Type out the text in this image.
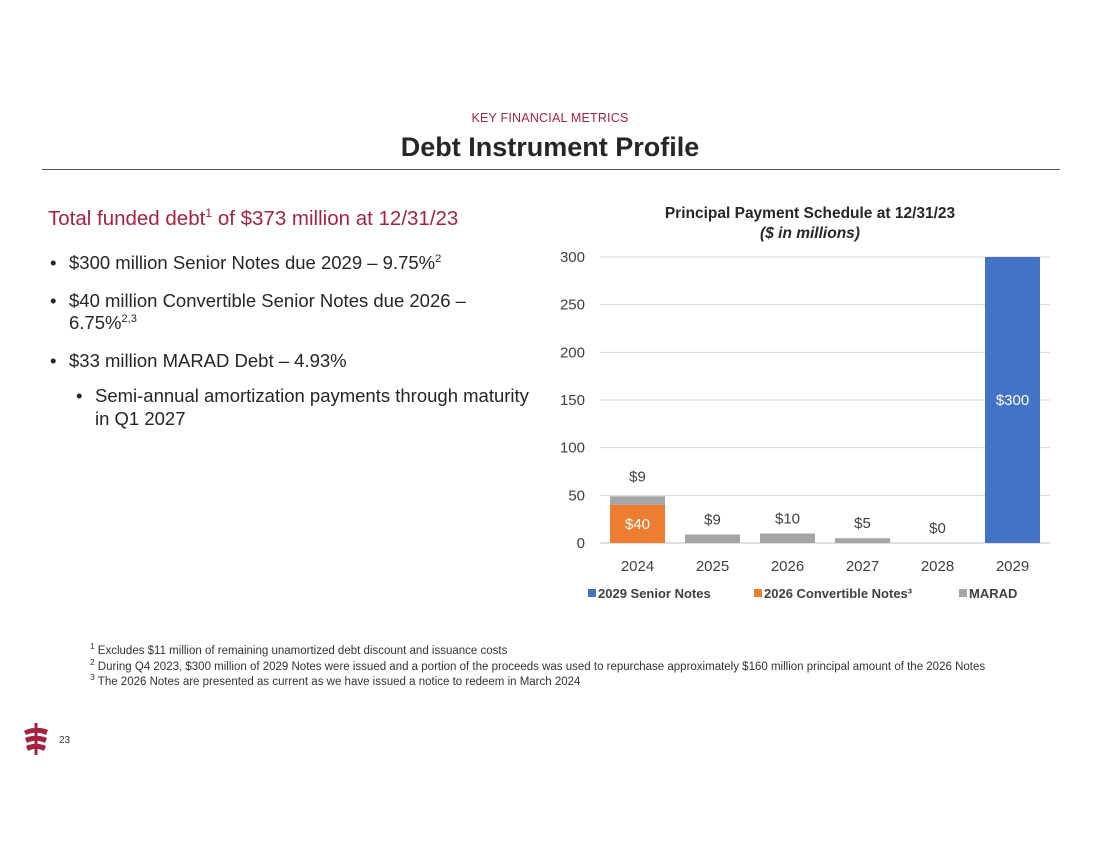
KEY FINANCIAL METRICS
Debt Instrument Profile
Total funded debt$^1$ of $373 million at 12/31/23
• $300 million Senior Notes due 2029 – 9.75%$^2$
• $40 million Convertible Senior Notes due 2026 – 6.75%$^{2,3}$
• $33 million MARAD Debt – 4.93%
• Semi-annual amortization payments through maturity in Q1 2027
Principal Payment Schedule at 12/31/23
($ in millions)
0
50
100
150
200
250
300
2024	2025	2026	2027	2028	2029
$40
$9
$9	$10	$5	$0
$300
2029 Senior Notes	2026 Convertible Notes³	MARAD
$^1$ Excludes $11 million of remaining unamortized debt discount and issuance costs
$^2$ During Q4 2023, $300 million of 2029 Notes were issued and a portion of the proceeds was used to repurchase approximately $160 million principal amount of the 2026 Notes
$^3$ The 2026 Notes are presented as current as we have issued a notice to redeem in March 2024
23
